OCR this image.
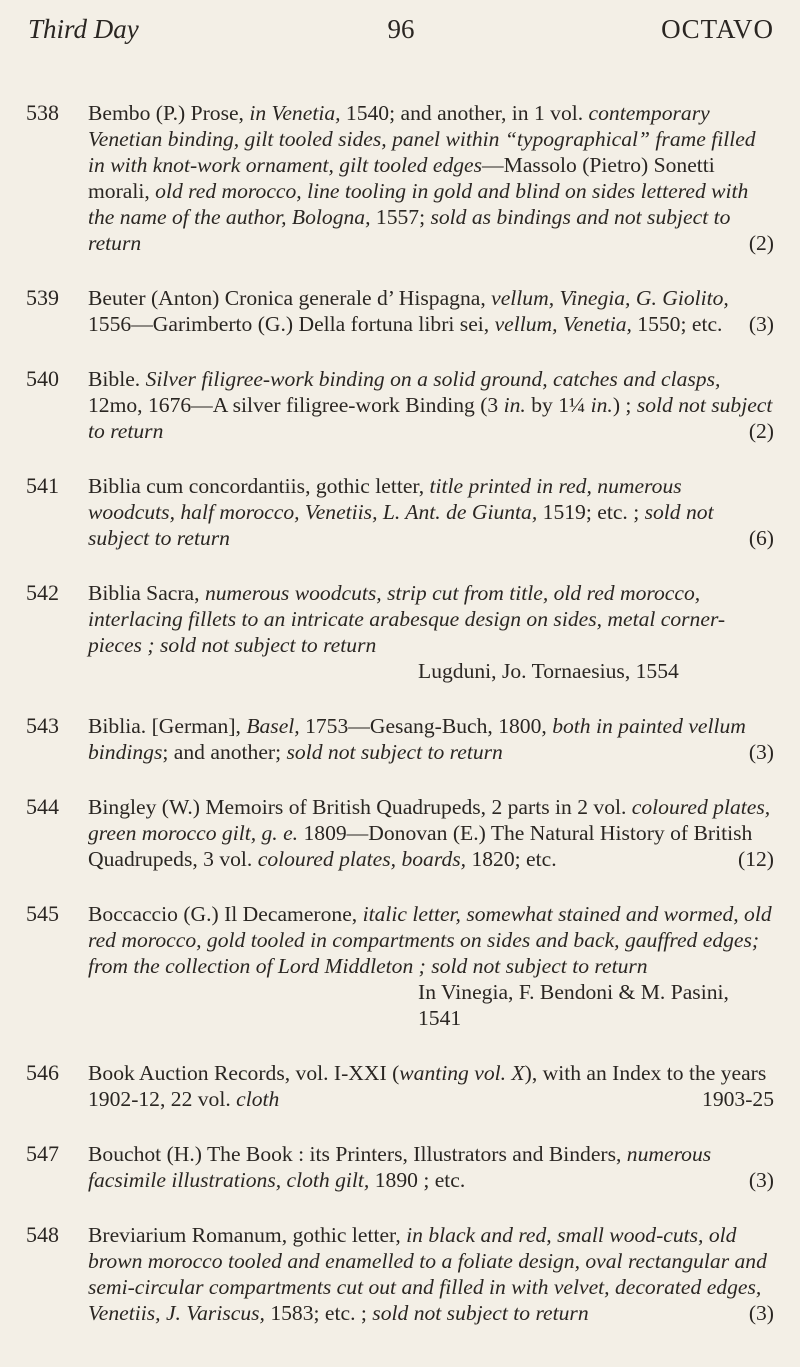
Third Day	96	OCTAVO
538 Bembo (P.) Prose, in Venetia, 1540; and another, in 1 vol. contemporary Venetian binding, gilt tooled sides, panel within “typographical” frame filled in with knot-work ornament, gilt tooled edges—Massolo (Pietro) Sonetti morali, old red morocco, line tooling in gold and blind on sides lettered with the name of the author, Bologna, 1557; sold as bindings and not subject to return	(2)
539 Beuter (Anton) Cronica generale d’ Hispagna, vellum, Vinegia, G. Giolito, 1556—Garimberto (G.) Della fortuna libri sei, vellum, Venetia, 1550; etc. (3)
540 Bible. Silver filigree-work binding on a solid ground, catches and clasps, 12mo, 1676—A silver filigree-work Binding (3 in. by 1¼ in.) ; sold not subject to return	(2)
541 Biblia cum concordantiis, gothic letter, title printed in red, numerous woodcuts, half morocco, Venetiis, L. Ant. de Giunta, 1519; etc. ; sold not subject to return	(6)
542 Biblia Sacra, numerous woodcuts, strip cut from title, old red morocco, interlacing fillets to an intricate arabesque design on sides, metal corner-pieces ; sold not subject to return
Lugduni, Jo. Tornaesius, 1554
543 Biblia. [German], Basel, 1753—Gesang-Buch, 1800, both in painted vellum bindings; and another; sold not subject to return	(3)
544 Bingley (W.) Memoirs of British Quadrupeds, 2 parts in 2 vol. coloured plates, green morocco gilt, g. e. 1809—Donovan (E.) The Natural History of British Quadrupeds, 3 vol. coloured plates, boards, 1820; etc.	(12)
545 Boccaccio (G.) Il Decamerone, italic letter, somewhat stained and wormed, old red morocco, gold tooled in compartments on sides and back, gauffred edges; from the collection of Lord Middleton ; sold not subject to return
In Vinegia, F. Bendoni & M. Pasini, 1541
546 Book Auction Records, vol. I-XXI (wanting vol. X), with an Index to the years 1902-12, 22 vol. cloth	1903-25
547 Bouchot (H.) The Book : its Printers, Illustrators and Binders, numerous facsimile illustrations, cloth gilt, 1890 ; etc.	(3)
548 Breviarium Romanum, gothic letter, in black and red, small wood-cuts, old brown morocco tooled and enamelled to a foliate design, oval rectangular and semi-circular compartments cut out and filled in with velvet, decorated edges, Venetiis, J. Variscus, 1583; etc. ; sold not subject to return	(3)
